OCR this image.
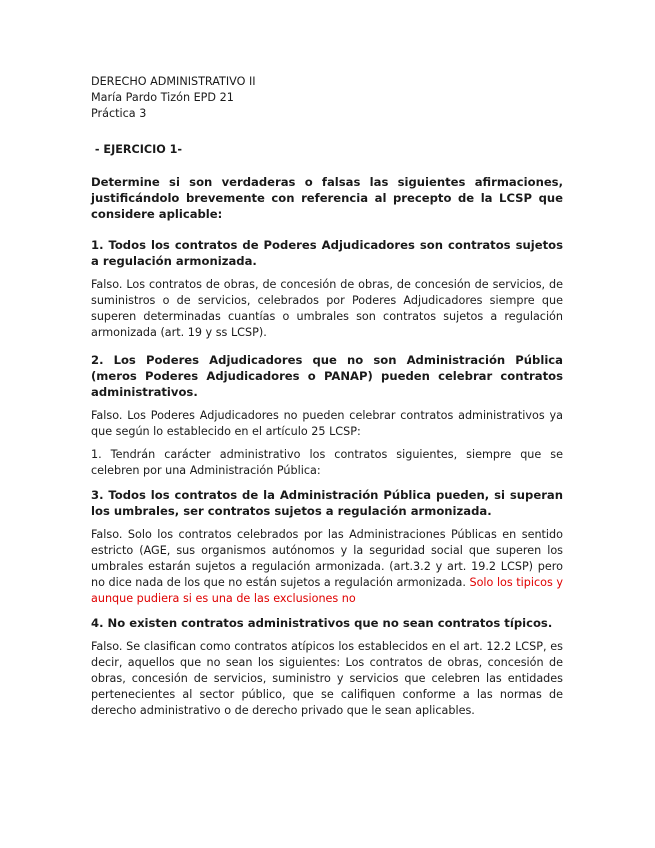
DERECHO ADMINISTRATIVO II
María Pardo Tizón EPD 21
Práctica 3
- EJERCICIO 1-
Determine si son verdaderas o falsas las siguientes afirmaciones, justificándolo brevemente con referencia al precepto de la LCSP que considere aplicable:
1. Todos los contratos de Poderes Adjudicadores son contratos sujetos a regulación armonizada.
Falso. Los contratos de obras, de concesión de obras, de concesión de servicios, de suministros o de servicios, celebrados por Poderes Adjudicadores siempre que superen determinadas cuantías o umbrales son contratos sujetos a regulación armonizada (art. 19 y ss LCSP).
2. Los Poderes Adjudicadores que no son Administración Pública (meros Poderes Adjudicadores o PANAP) pueden celebrar contratos administrativos.
Falso. Los Poderes Adjudicadores no pueden celebrar contratos administrativos ya que según lo establecido en el artículo 25 LCSP:
1. Tendrán carácter administrativo los contratos siguientes, siempre que se celebren por una Administración Pública:
3. Todos los contratos de la Administración Pública pueden, si superan los umbrales, ser contratos sujetos a regulación armonizada.
Falso. Solo los contratos celebrados por las Administraciones Públicas en sentido estricto (AGE, sus organismos autónomos y la seguridad social que superen los umbrales estarán sujetos a regulación armonizada. (art.3.2 y art. 19.2 LCSP) pero no dice nada de los que no están sujetos a regulación armonizada. Solo los tipicos y aunque pudiera si es una de las exclusiones no
4. No existen contratos administrativos que no sean contratos típicos.
Falso. Se clasifican como contratos atípicos los establecidos en el art. 12.2 LCSP, es decir, aquellos que no sean los siguientes: Los contratos de obras, concesión de obras, concesión de servicios, suministro y servicios que celebren las entidades pertenecientes al sector público, que se califiquen conforme a las normas de derecho administrativo o de derecho privado que le sean aplicables.
